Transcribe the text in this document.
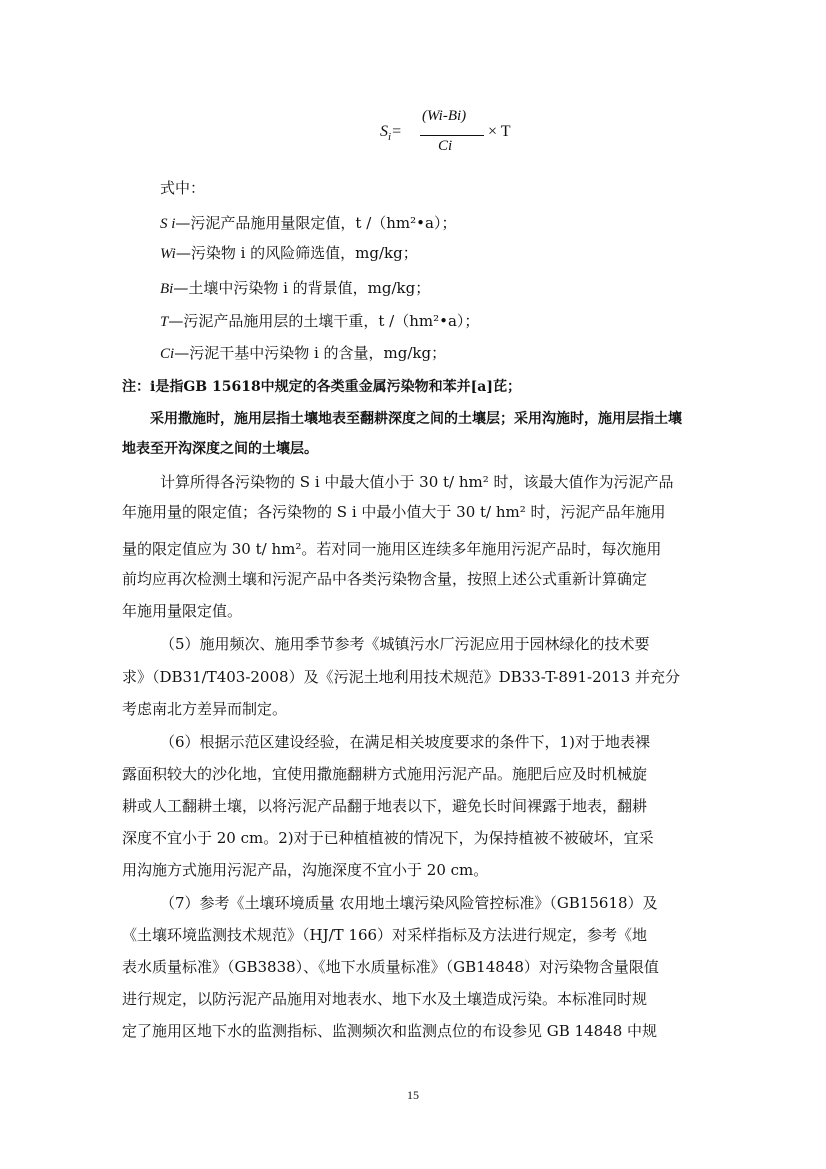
$S_i=$
(Wi-Bi)
Ci
× T
式中：
S i—污泥产品施用量限定值，t /（hm²•a）；
Wi—污染物 i 的风险筛选值，mg/kg；
Bi—土壤中污染物 i 的背景值，mg/kg；
T—污泥产品施用层的土壤干重，t /（hm²•a）；
Ci—污泥干基中污染物 i 的含量，mg/kg；
注：i是指GB 15618中规定的各类重金属污染物和苯并[a]芘；
采用撒施时，施用层指土壤地表至翻耕深度之间的土壤层；采用沟施时，施用层指土壤
地表至开沟深度之间的土壤层。
计算所得各污染物的 S i 中最大值小于 30 t/ hm² 时，该最大值作为污泥产品
年施用量的限定值；各污染物的 S i 中最小值大于 30 t/ hm² 时，污泥产品年施用
量的限定值应为 30 t/ hm²。若对同一施用区连续多年施用污泥产品时，每次施用
前均应再次检测土壤和污泥产品中各类污染物含量，按照上述公式重新计算确定
年施用量限定值。
（5）施用频次、施用季节参考《城镇污水厂污泥应用于园林绿化的技术要
求》（DB31/T403-2008）及《污泥土地利用技术规范》DB33-T-891-2013 并充分
考虑南北方差异而制定。
（6）根据示范区建设经验，在满足相关坡度要求的条件下，1)对于地表裸
露面积较大的沙化地，宜使用撒施翻耕方式施用污泥产品。施肥后应及时机械旋
耕或人工翻耕土壤，以将污泥产品翻于地表以下，避免长时间裸露于地表，翻耕
深度不宜小于 20 cm。2)对于已种植植被的情况下，为保持植被不被破坏，宜采
用沟施方式施用污泥产品，沟施深度不宜小于 20 cm。
（7）参考《土壤环境质量 农用地土壤污染风险管控标准》（GB15618）及
《土壤环境监测技术规范》（HJ/T 166）对采样指标及方法进行规定，参考《地
表水质量标准》（GB3838）、《地下水质量标准》（GB14848）对污染物含量限值
进行规定，以防污泥产品施用对地表水、地下水及土壤造成污染。本标准同时规
定了施用区地下水的监测指标、监测频次和监测点位的布设参见 GB 14848 中规
15
